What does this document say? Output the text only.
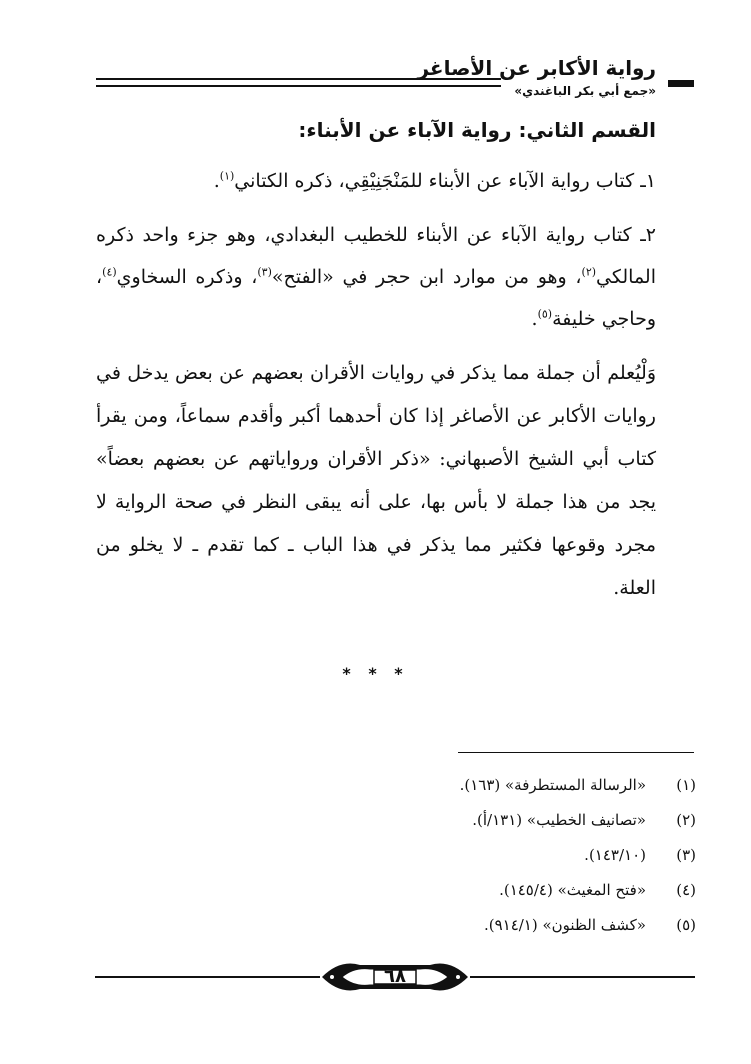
رواية الأكابر عن الأصاغر
«جمع أبي بكر الباغندي»
القسم الثاني: رواية الآباء عن الأبناء:
١ـ كتاب رواية الآباء عن الأبناء للمَنْجَنِيْقِي، ذكره الكتاني$^{(١)}$.
٢ـ كتاب رواية الآباء عن الأبناء للخطيب البغدادي، وهو جزء واحد ذكره المالكي$^{(٢)}$، وهو من موارد ابن حجر في «الفتح»$^{(٣)}$، وذكره السخاوي$^{(٤)}$، وحاجي خليفة$^{(٥)}$.

وَلْيُعلم أن جملة مما يذكر في روايات الأقران بعضهم عن بعض يدخل في روايات الأكابر عن الأصاغر إذا كان أحدهما أكبر وأقدم سماعاً، ومن يقرأ كتاب أبي الشيخ الأصبهاني: «ذكر الأقران ورواياتهم عن بعضهم بعضاً» يجد من هذا جملة لا بأس بها، على أنه يبقى النظر في صحة الرواية لا مجرد وقوعها فكثير مما يذكر في هذا الباب ـ كما تقدم ـ لا يخلو من العلة.

* * *
(١)«الرسالة المستطرفة» (١٦٣).
(٢)«تصانيف الخطيب» (١٣١/أ).
(٣)(١٤٣/١٠).
(٤)«فتح المغيث» (١٤٥/٤).
(٥)«كشف الظنون» (٩١٤/١).
٦٨
